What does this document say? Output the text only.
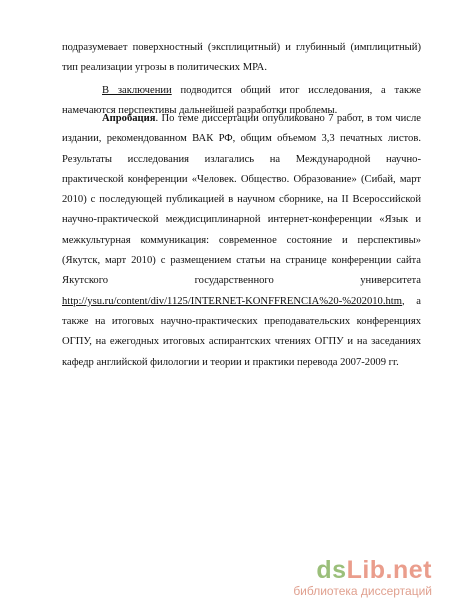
подразумевает поверхностный (эксплицитный) и глубинный (имплицитный)
тип реализации угрозы в политических МРА.
В заключении подводится общий итог исследования, а также
намечаются перспективы дальнейшей разработки проблемы.
Апробация. По теме диссертации опубликовано 7 работ, в том числе
издании, рекомендованном ВАК РФ, общим объемом 3,3 печатных листов.
Результаты исследования излагались на Международной научно-
практической конференции «Человек. Общество. Образование» (Сибай, март
2010) с последующей публикацией в научном сборнике, на II Всероссийской
научно-практической междисциплинарной интернет-конференции «Язык и
межкультурная коммуникация: современное состояние и перспективы»
(Якутск, март 2010) с размещением статьи на странице конференции сайта
Якутского государственного университета
http://ysu.ru/content/div/1125/INTERNET-KONFFRENCIA%20-%202010.htm, а
также на итоговых научно-практических преподавательских конференциях
ОГПУ, на ежегодных итоговых аспирантских чтениях ОГПУ и на заседаниях
кафедр английской филологии и теории и практики перевода 2007-2009 гг.
dsLib.net
библиотека диссертаций
